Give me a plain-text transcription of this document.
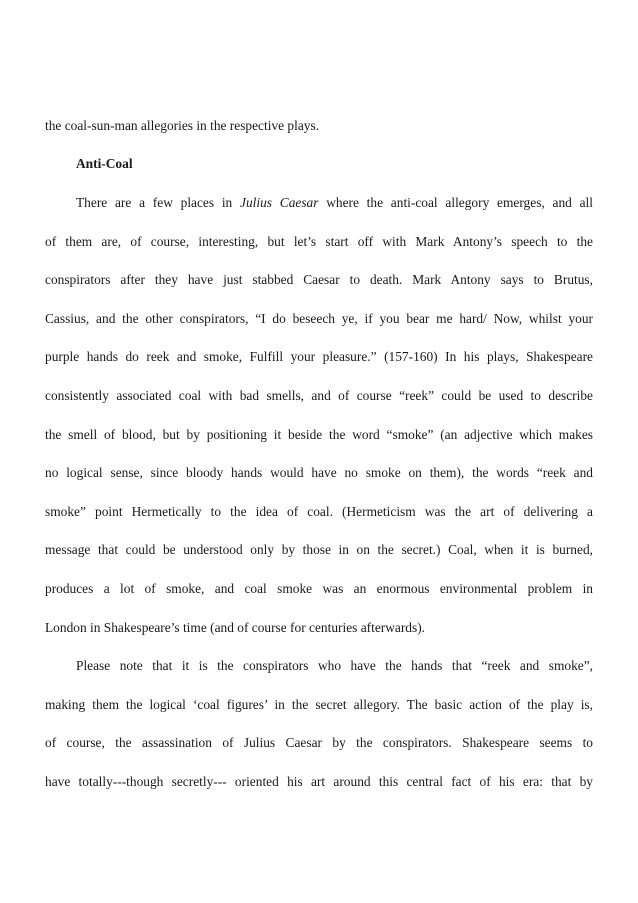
the coal-sun-man allegories in the respective plays.
Anti-Coal
There are a few places in Julius Caesar where the anti-coal allegory emerges, and all
of them are, of course, interesting, but let’s start off with Mark Antony’s speech to the
conspirators after they have just stabbed Caesar to death. Mark Antony says to Brutus,
Cassius, and the other conspirators, “I do beseech ye, if you bear me hard/ Now, whilst your
purple hands do reek and smoke, Fulfill your pleasure.” (157-160) In his plays, Shakespeare
consistently associated coal with bad smells, and of course “reek” could be used to describe
the smell of blood, but by positioning it beside the word “smoke” (an adjective which makes
no logical sense, since bloody hands would have no smoke on them), the words “reek and
smoke” point Hermetically to the idea of coal. (Hermeticism was the art of delivering a
message that could be understood only by those in on the secret.) Coal, when it is burned,
produces a lot of smoke, and coal smoke was an enormous environmental problem in
London in Shakespeare’s time (and of course for centuries afterwards).
Please note that it is the conspirators who have the hands that “reek and smoke”,
making them the logical ‘coal figures’ in the secret allegory. The basic action of the play is,
of course, the assassination of Julius Caesar by the conspirators. Shakespeare seems to
have totally---though secretly--- oriented his art around this central fact of his era: that by
